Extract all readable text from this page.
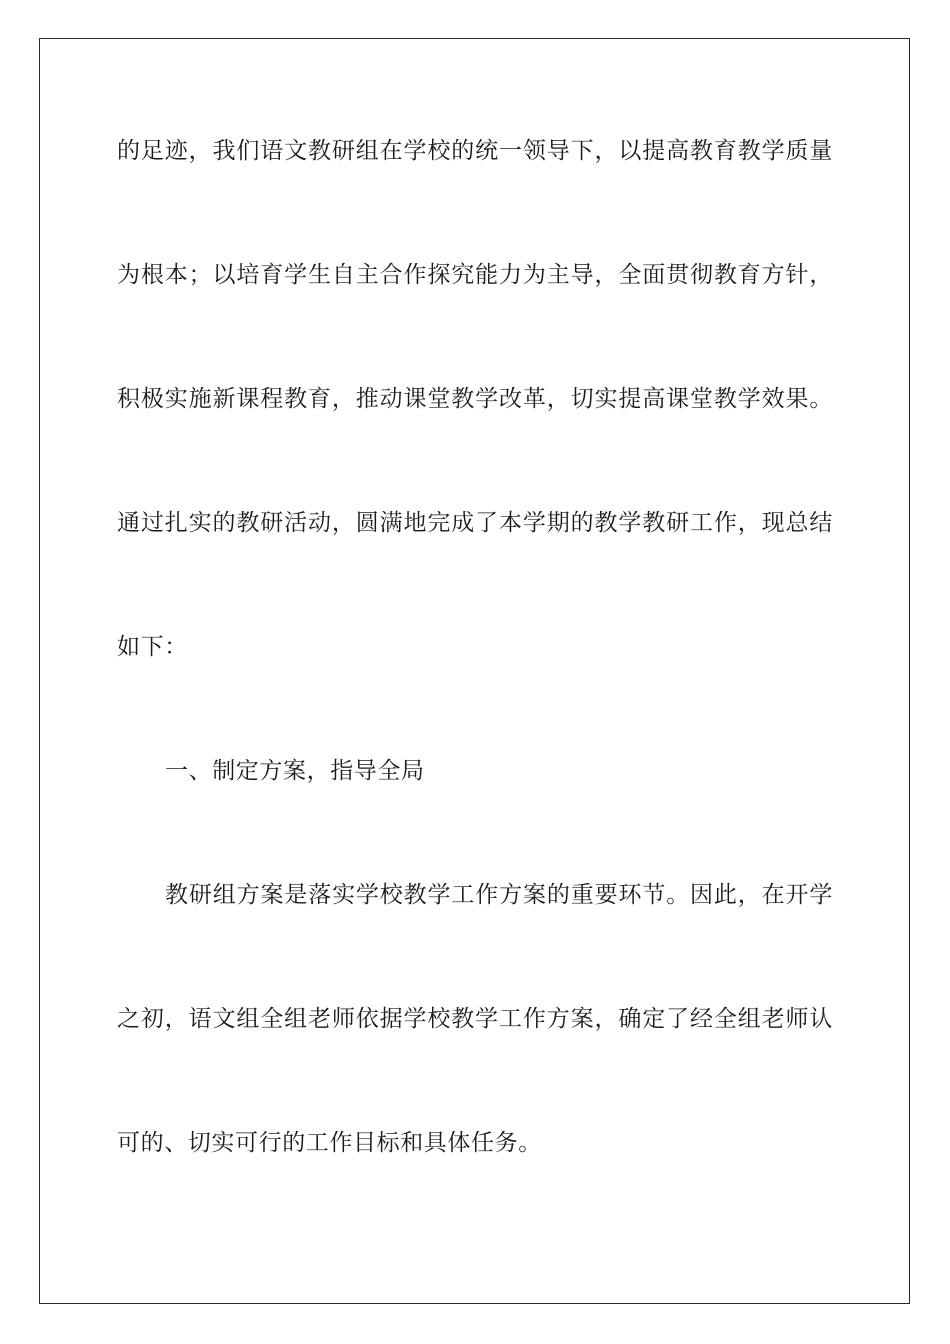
的足迹，我们语文教研组在学校的统一领导下，以提高教育教学质量
为根本；以培育学生自主合作探究能力为主导，全面贯彻教育方针，
积极实施新课程教育，推动课堂教学改革，切实提高课堂教学效果。
通过扎实的教研活动，圆满地完成了本学期的教学教研工作，现总结
如下：
一、制定方案，指导全局
教研组方案是落实学校教学工作方案的重要环节。因此，在开学
之初，语文组全组老师依据学校教学工作方案，确定了经全组老师认
可的、切实可行的工作目标和具体任务。
